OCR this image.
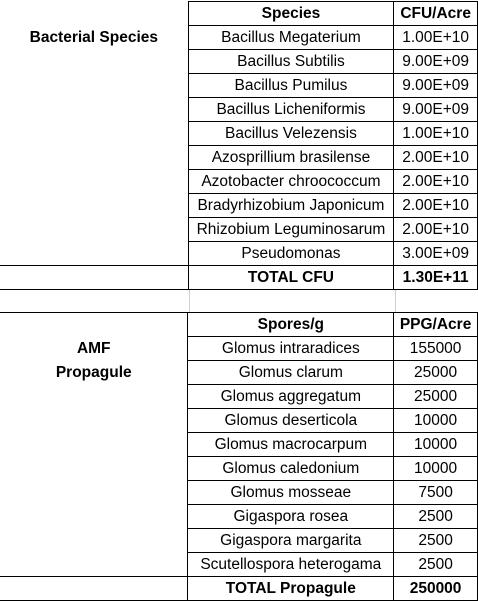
	Species	CFU/Acre
Bacterial Species	Bacillus Megaterium	1.00E+10
	Bacillus Subtilis	9.00E+09
	Bacillus Pumilus	9.00E+09
	Bacillus Licheniformis	9.00E+09
	Bacillus Velezensis	1.00E+10
	Azosprillium brasilense	2.00E+10
	Azotobacter chroococcum	2.00E+10
	Bradyrhizobium Japonicum	2.00E+10
	Rhizobium Leguminosarum	2.00E+10
	Pseudomonas	3.00E+09
	TOTAL CFU	1.30E+11
	Spores/g	PPG/Acre

AMF
Propagule	Glomus intraradices	155000
	Glomus clarum	25000
	Glomus aggregatum	25000
	Glomus deserticola	10000
	Glomus macrocarpum	10000
	Glomus caledonium	10000
	Glomus mosseae	7500
	Gigaspora rosea	2500
	Gigaspora margarita	2500
	Scutellospora heterogama	2500
	TOTAL Propagule	250000
